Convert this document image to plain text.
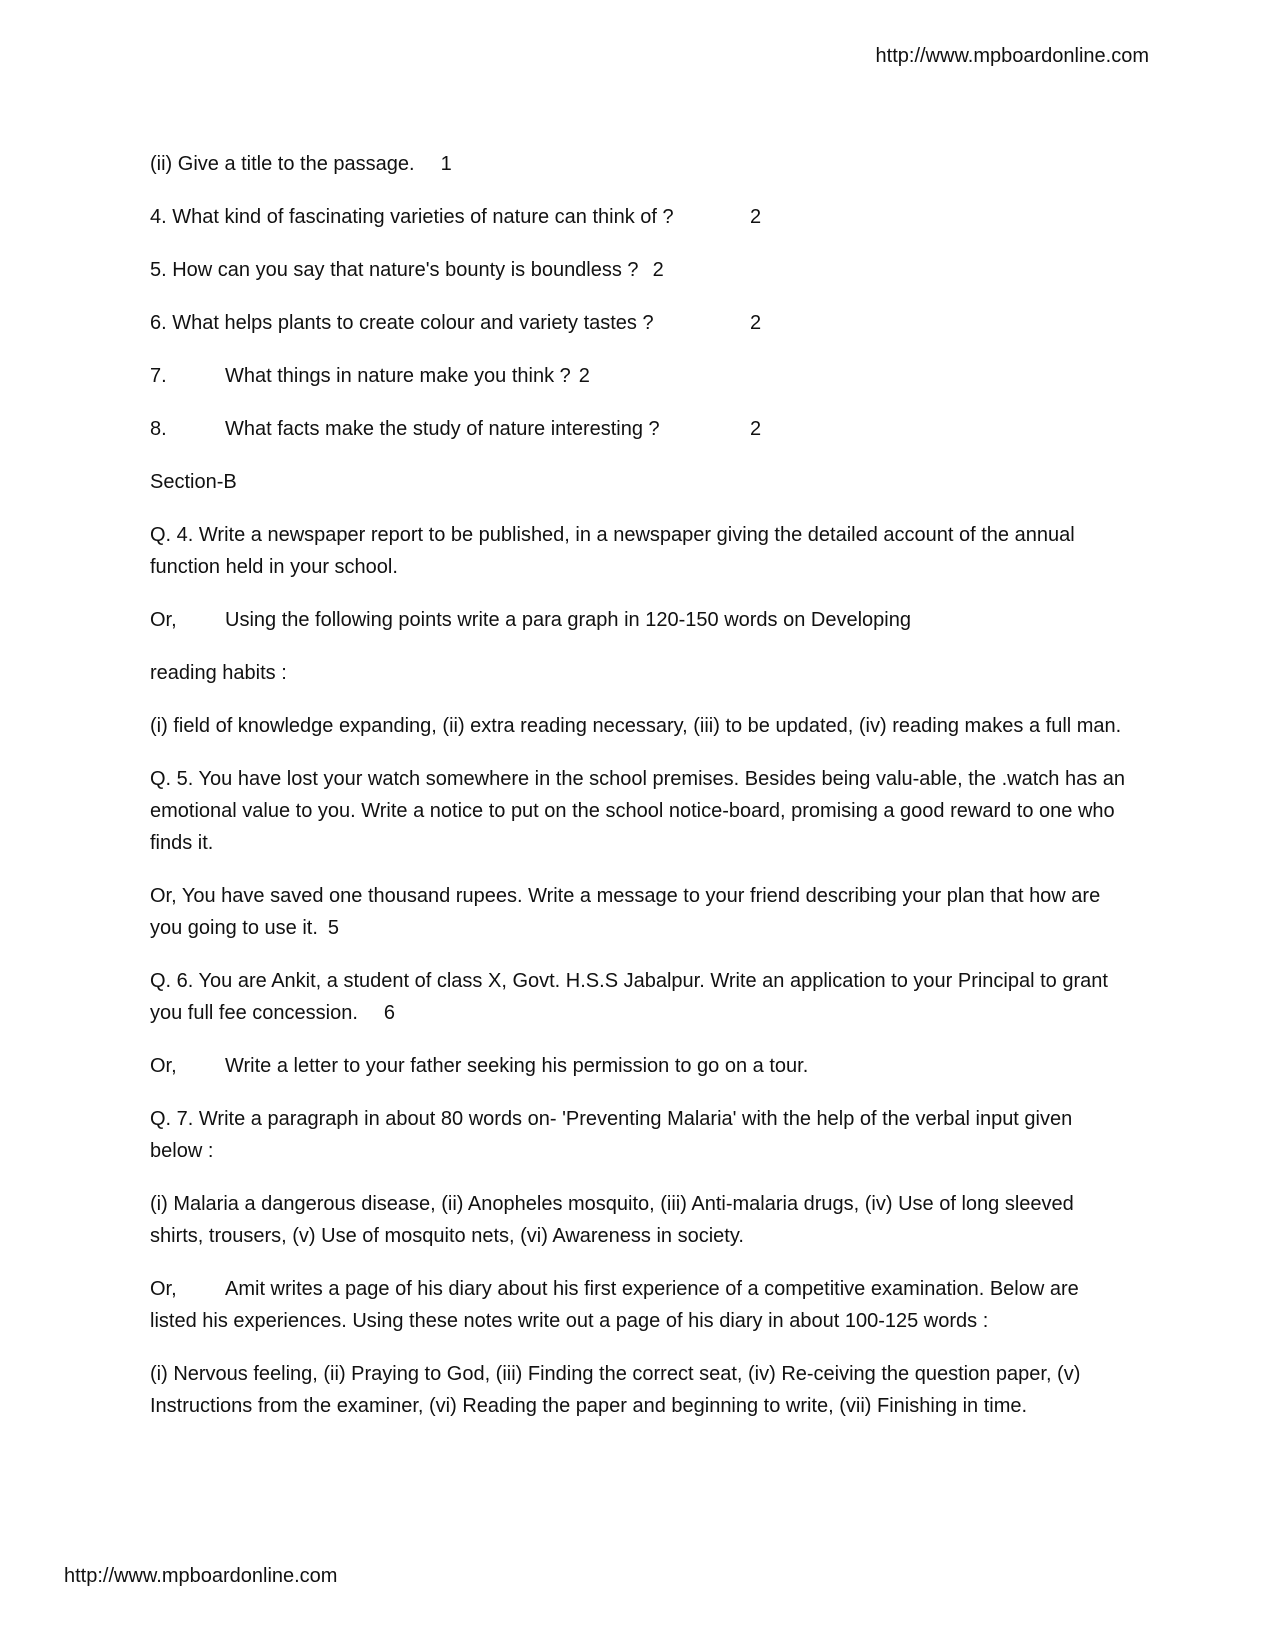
http://www.mpboardonline.com
(ii) Give a title to the passage. 1
4. What kind of fascinating varieties of nature can think of ?	2
5. How can you say that nature's bounty is boundless ? 2
6. What helps plants to create colour and variety tastes ?	2
7.	What things in nature make you think ? 2
8.	What facts make the study of nature interesting ?	2
Section-B
Q. 4. Write a newspaper report to be published, in a newspaper giving the detailed account of the annual function held in your school.
Or, Using the following points write a para graph in 120-150 words on Developing
reading habits :
(i) field of knowledge expanding, (ii) extra reading necessary, (iii) to be updated, (iv) reading makes a full man.
Q. 5. You have lost your watch somewhere in the school premises. Besides being valu-able, the .watch has an emotional value to you. Write a notice to put on the school notice-board, promising a good reward to one who finds it.
Or, You have saved one thousand rupees. Write a message to your friend describing your plan that how are you going to use it. 5
Q. 6. You are Ankit, a student of class X, Govt. H.S.S Jabalpur. Write an application to your Principal to grant you full fee concession. 6
Or, Write a letter to your father seeking his permission to go on a tour.
Q. 7. Write a paragraph in about 80 words on- 'Preventing Malaria' with the help of the verbal input given below :
(i) Malaria a dangerous disease, (ii) Anopheles mosquito, (iii) Anti-malaria drugs, (iv) Use of long sleeved shirts, trousers, (v) Use of mosquito nets, (vi) Awareness in society.
Or, Amit writes a page of his diary about his first experience of a competitive examination. Below are listed his experiences. Using these notes write out a page of his diary in about 100-125 words :
(i) Nervous feeling, (ii) Praying to God, (iii) Finding the correct seat, (iv) Re-ceiving the question paper, (v) Instructions from the examiner, (vi) Reading the paper and beginning to write, (vii) Finishing in time.
http://www.mpboardonline.com
